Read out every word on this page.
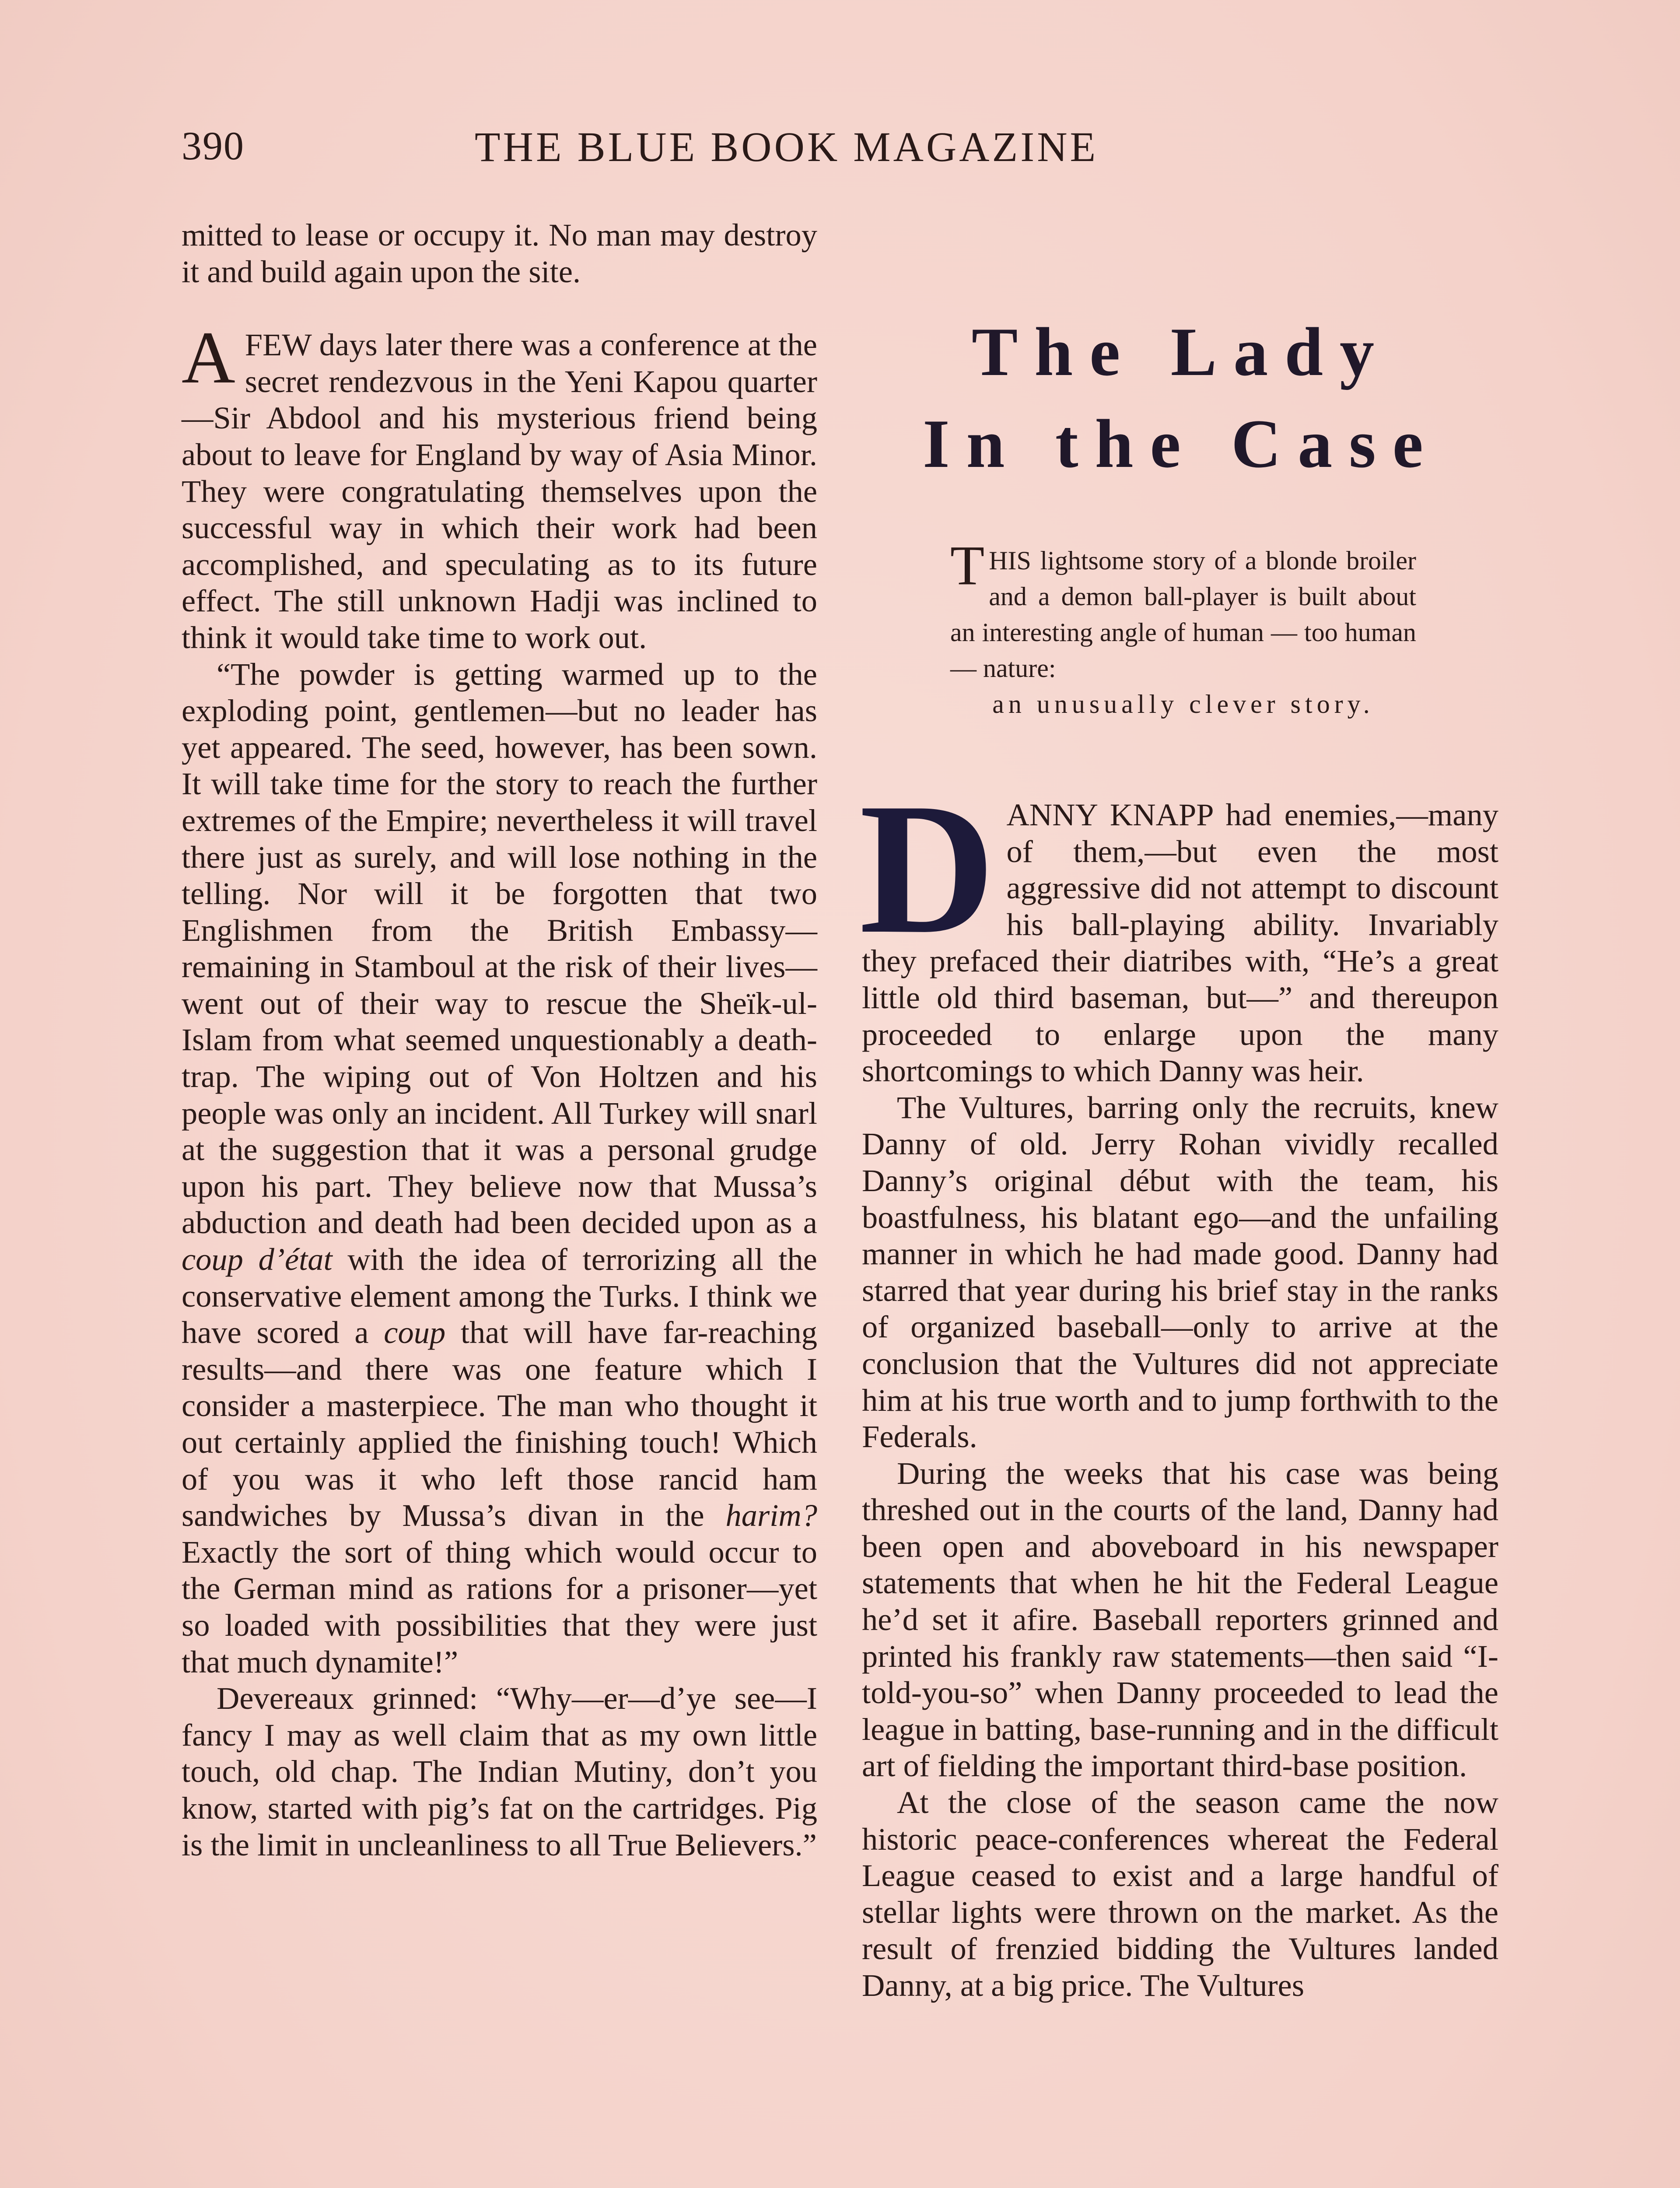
390	THE BLUE BOOK MAGAZINE

mitted to lease or occupy it. No man may destroy it and build again upon the site.

AFEW days later there was a conference at the secret rendezvous in the Yeni Kapou quarter—Sir Abdool and his mysterious friend being about to leave for England by way of Asia Minor. They were congratulating themselves upon the successful way in which their work had been accomplished, and speculating as to its future effect. The still unknown Hadji was inclined to think it would take time to work out.

“The powder is getting warmed up to the exploding point, gentlemen—but no leader has yet appeared. The seed, however, has been sown. It will take time for the story to reach the further extremes of the Empire; nevertheless it will travel there just as surely, and will lose nothing in the telling. Nor will it be forgotten that two Englishmen from the British Embassy—remaining in Stamboul at the risk of their lives—went out of their way to rescue the Sheïk-ul-Islam from what seemed unquestionably a death-trap. The wiping out of Von Holtzen and his people was only an incident. All Turkey will snarl at the suggestion that it was a personal grudge upon his part. They believe now that Mussa’s abduction and death had been decided upon as a coup d’état with the idea of terrorizing all the conservative element among the Turks. I think we have scored a coup that will have far-reaching results—and there was one feature which I consider a masterpiece. The man who thought it out certainly applied the finishing touch! Which of you was it who left those rancid ham sandwiches by Mussa’s divan in the harim? Exactly the sort of thing which would occur to the German mind as rations for a prisoner—yet so loaded with possibilities that they were just that much dynamite!”

Devereaux grinned: “Why—er—d’ye see—I fancy I may as well claim that as my own little touch, old chap. The Indian Mutiny, don’t you know, started with pig’s fat on the cartridges. Pig is the limit in uncleanliness to all True Believers.”

The Lady
In the Case
THIS lightsome story of a blonde broiler and a demon ball-player is built about an interesting angle of human — too human — nature:
an unusually clever story.

DANNY KNAPP had enemies,—many of them,—but even the most aggressive did not attempt to discount his ball-playing ability. Invariably they prefaced their diatribes with, “He’s a great little old third baseman, but—” and thereupon proceeded to enlarge upon the many shortcomings to which Danny was heir.

The Vultures, barring only the recruits, knew Danny of old. Jerry Rohan vividly recalled Danny’s original début with the team, his boastfulness, his blatant ego—and the unfailing manner in which he had made good. Danny had starred that year during his brief stay in the ranks of organized baseball—only to arrive at the conclusion that the Vultures did not appreciate him at his true worth and to jump forthwith to the Federals.

During the weeks that his case was being threshed out in the courts of the land, Danny had been open and aboveboard in his newspaper statements that when he hit the Federal League he’d set it afire. Baseball reporters grinned and printed his frankly raw statements—then said “I-told-you-so” when Danny proceeded to lead the league in batting, base-running and in the difficult art of fielding the important third-base position.

At the close of the season came the now historic peace-conferences whereat the Federal League ceased to exist and a large handful of stellar lights were thrown on the market. As the result of frenzied bidding the Vultures landed Danny, at a big price. The Vultures
